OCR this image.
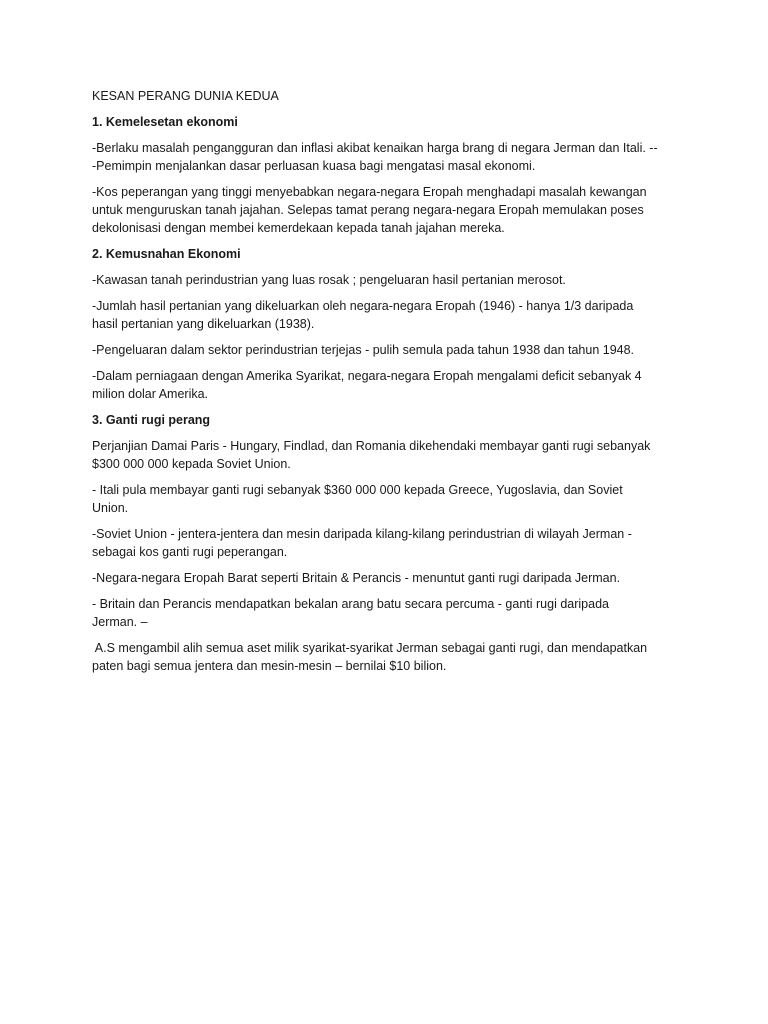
KESAN PERANG DUNIA KEDUA

1. Kemelesetan ekonomi

-Berlaku masalah pengangguran dan inflasi akibat kenaikan harga brang di negara Jerman dan Itali. --

-Pemimpin menjalankan dasar perluasan kuasa bagi mengatasi masal ekonomi.

-Kos peperangan yang tinggi menyebabkan negara-negara Eropah menghadapi masalah kewangan

untuk menguruskan tanah jajahan. Selepas tamat perang negara-negara Eropah memulakan poses

dekolonisasi dengan membei kemerdekaan kepada tanah jajahan mereka.

2. Kemusnahan Ekonomi

-Kawasan tanah perindustrian yang luas rosak ; pengeluaran hasil pertanian merosot.

-Jumlah hasil pertanian yang dikeluarkan oleh negara-negara Eropah (1946) - hanya 1/3 daripada

hasil pertanian yang dikeluarkan (1938).

-Pengeluaran dalam sektor perindustrian terjejas - pulih semula pada tahun 1938 dan tahun 1948.

-Dalam perniagaan dengan Amerika Syarikat, negara-negara Eropah mengalami deficit sebanyak 4

milion dolar Amerika.

3. Ganti rugi perang

Perjanjian Damai Paris - Hungary, Findlad, dan Romania dikehendaki membayar ganti rugi sebanyak

$300 000 000 kepada Soviet Union.

- Itali pula membayar ganti rugi sebanyak $360 000 000 kepada Greece, Yugoslavia, dan Soviet

Union.

-Soviet Union - jentera-jentera dan mesin daripada kilang-kilang perindustrian di wilayah Jerman -

sebagai kos ganti rugi peperangan.

-Negara-negara Eropah Barat seperti Britain & Perancis - menuntut ganti rugi daripada Jerman.

- Britain dan Perancis mendapatkan bekalan arang batu secara percuma - ganti rugi daripada

Jerman. –

A.S mengambil alih semua aset milik syarikat-syarikat Jerman sebagai ganti rugi, dan mendapatkan

paten bagi semua jentera dan mesin-mesin – bernilai $10 bilion.
